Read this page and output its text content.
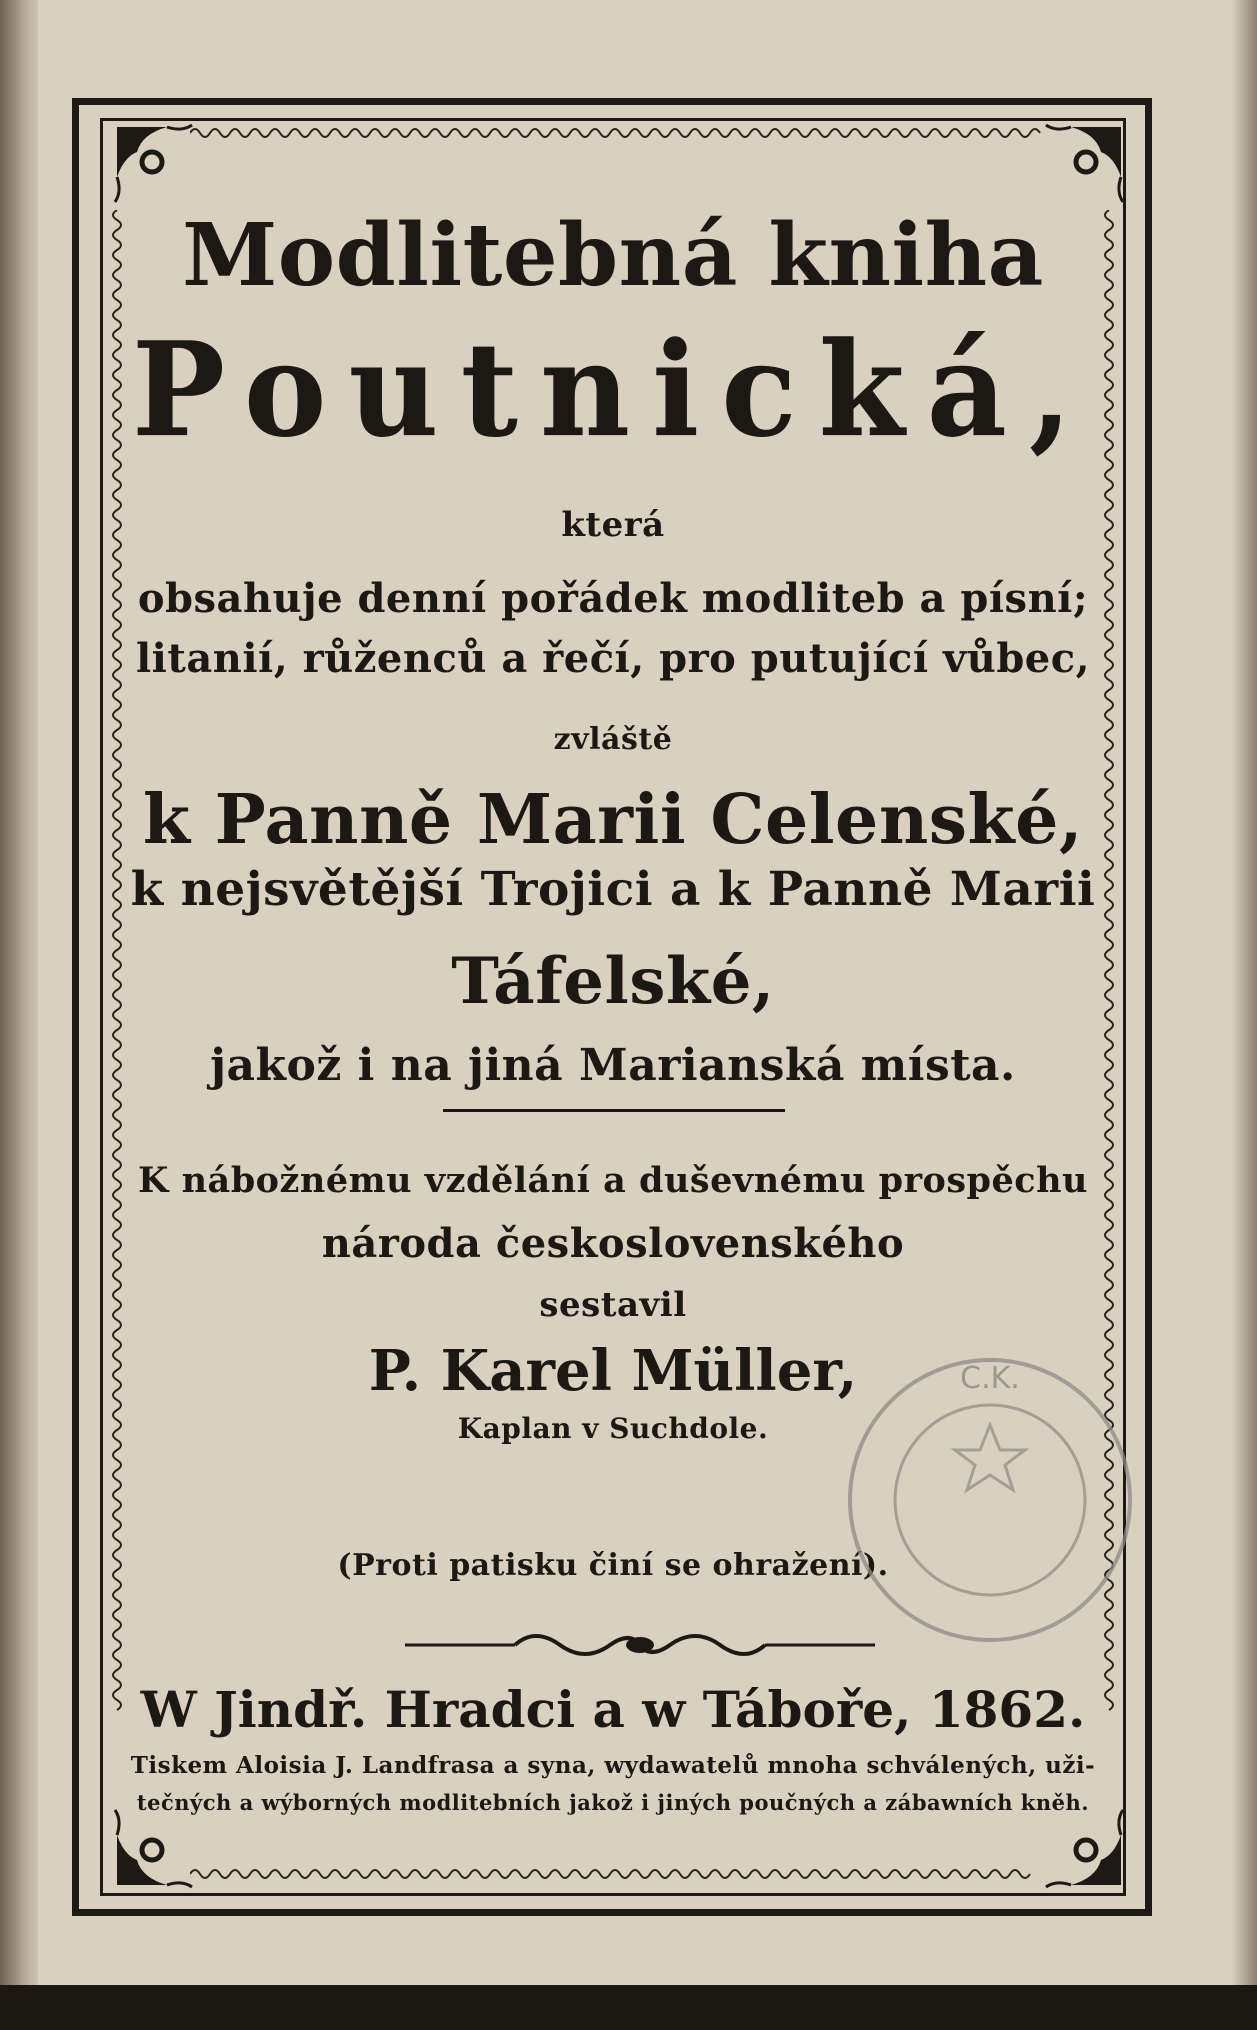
Modlitebná kniha
Poutnická,
která
obsahuje denní pořádek modliteb a písní;
litanií, růženců a řečí, pro putující vůbec,
zvláště
k Panně Marii Celenské,
k nejsvětější Trojici a k Panně Marii
Táfelské,
jakož i na jiná Marianská místa.
K nábožnému vzdělání a duševnému prospěchu
národa československého
sestavil
P. Karel Müller,
Kaplan v Suchdole.
(Proti patisku činí se ohražení).
W Jindř. Hradci a w Táboře, 1862.
Tiskem Aloisia J. Landfrasa a syna, wydawatelů mnoha schválených, uži-
tečných a wýborných modlitebních jakož i jiných poučných a zábawních kněh.
C.K.
